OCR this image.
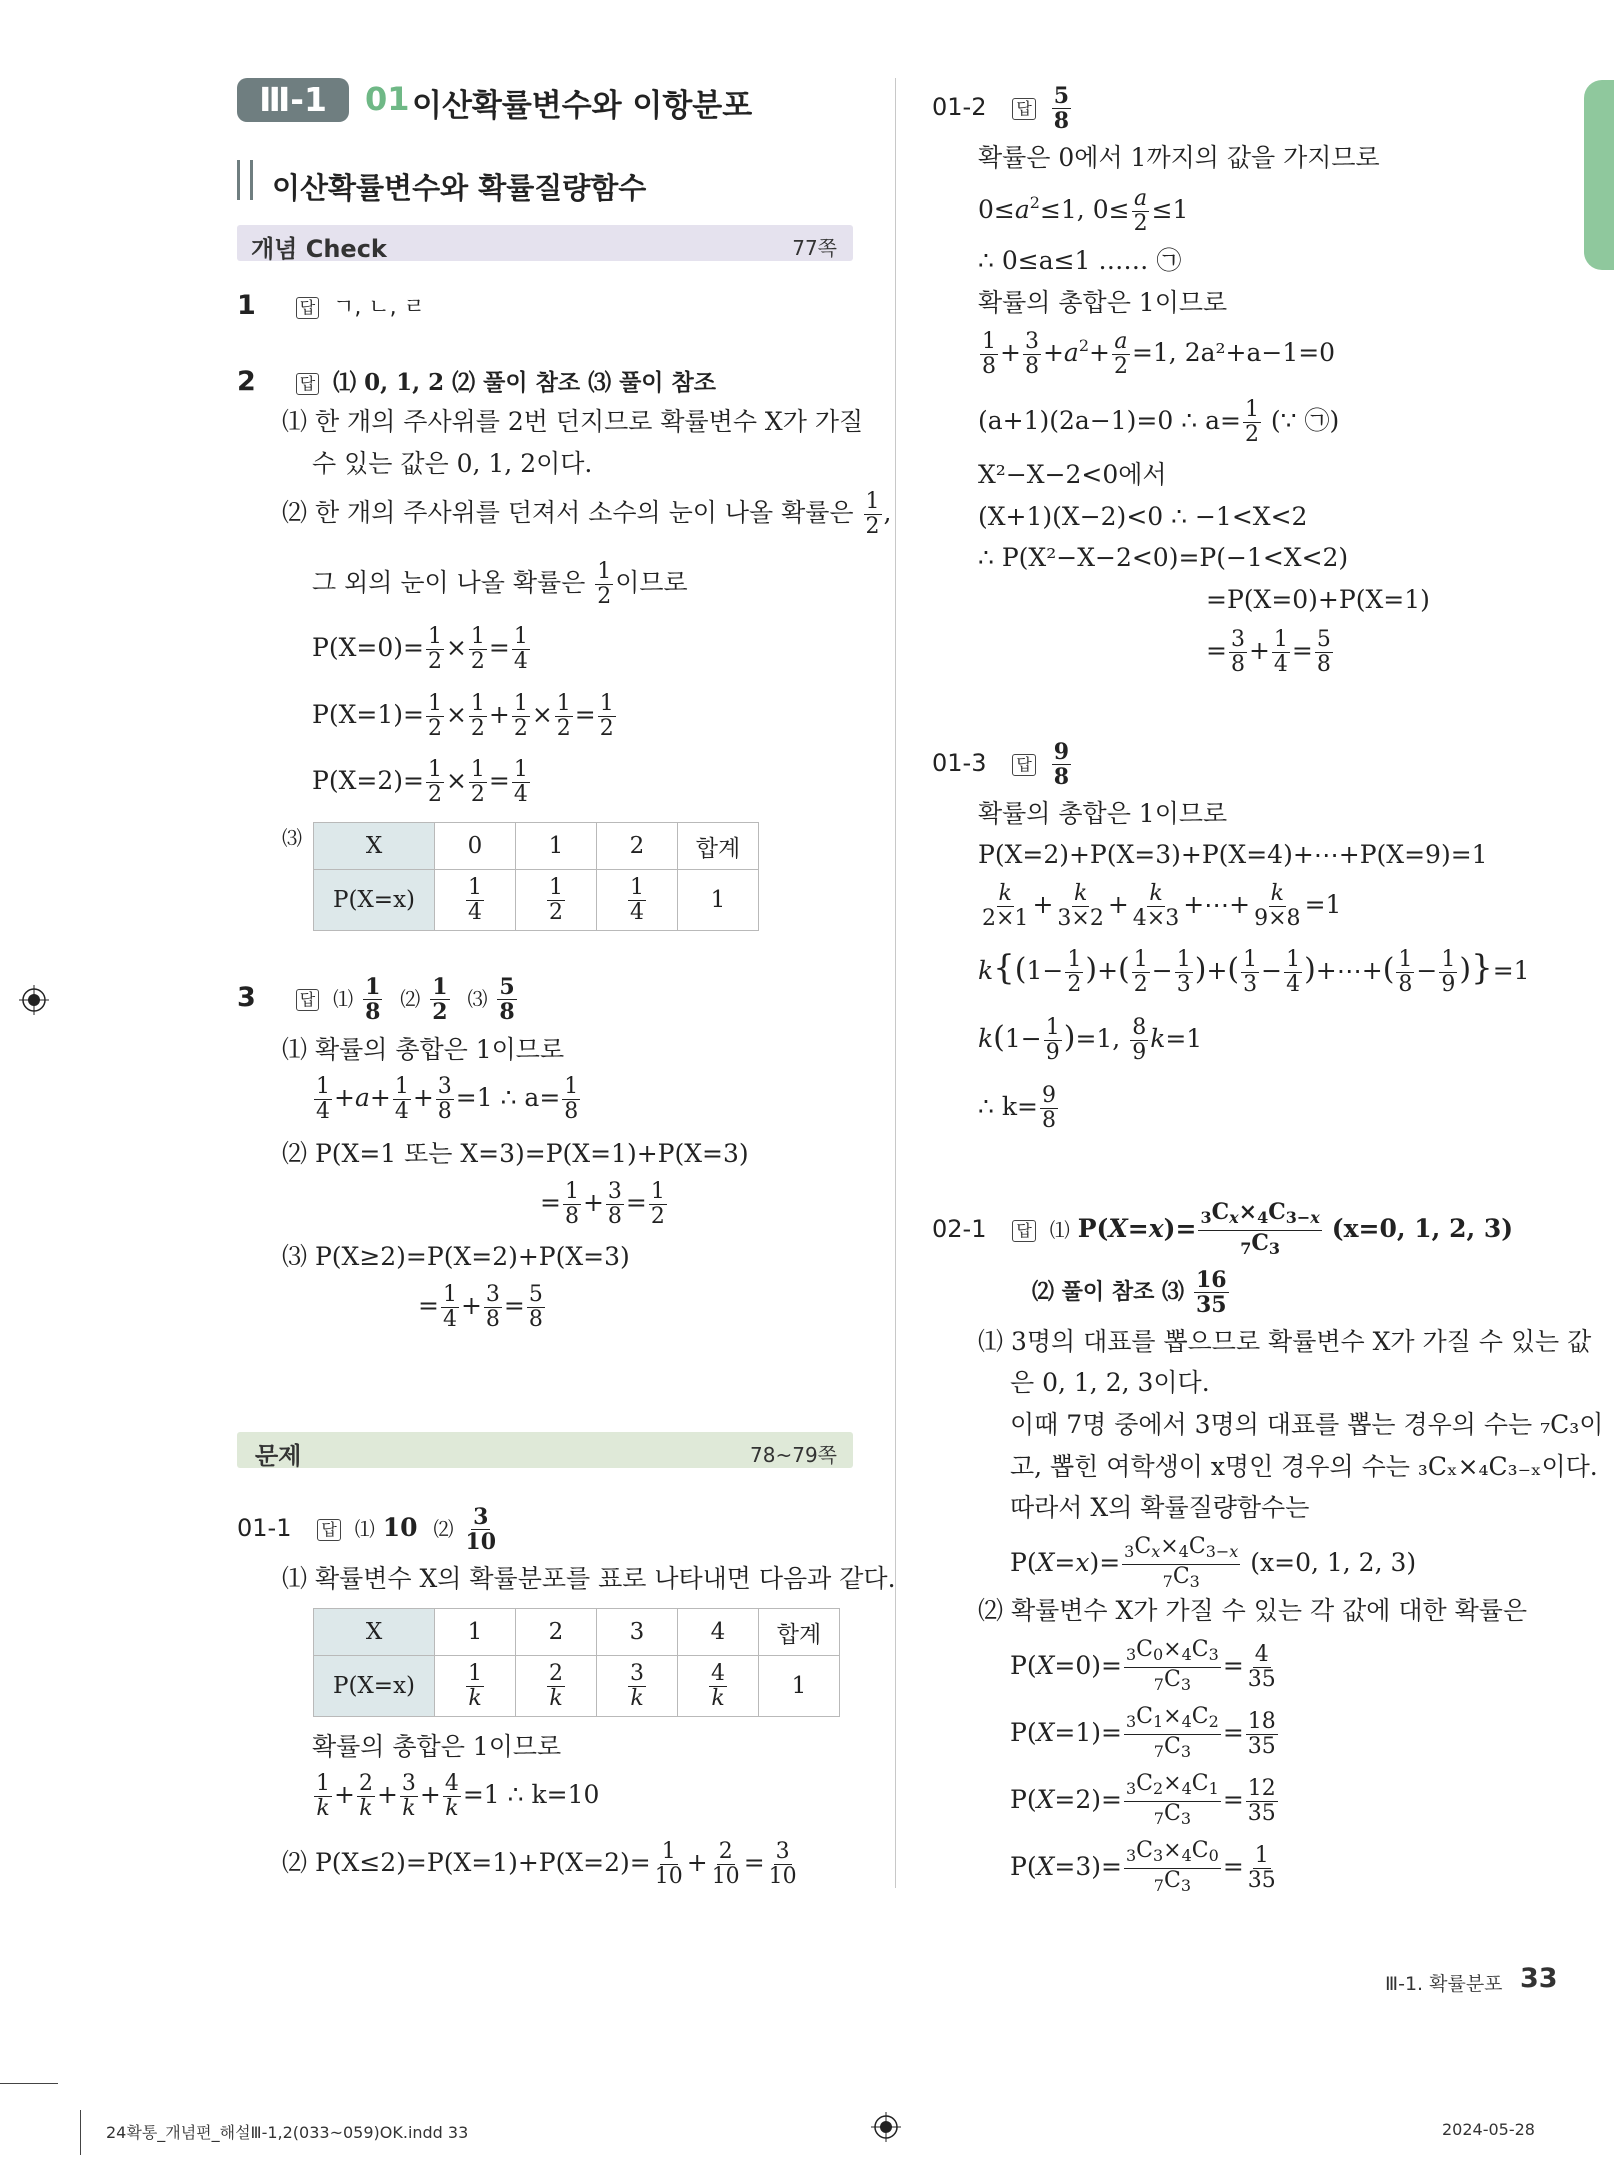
Ⅲ-1	01 이산확률변수와 이항분포
이산확률변수와 확률질량함수
개념 Check	77쪽
1	답 ㄱ, ㄴ, ㄹ
2	답 ⑴ 0, 1, 2 ⑵ 풀이 참조 ⑶ 풀이 참조
⑴ 한 개의 주사위를 2번 던지므로 확률변수 X가 가질
수 있는 값은 0, 1, 2이다.
⑵ 한 개의 주사위를 던져서 소수의 눈이 나올 확률은 $\frac{1}{2}$ ,
그 외의 눈이 나올 확률은 $\frac{1}{2}$ 이므로
$P(X=0)= \frac{1}{2} \times \frac{1}{2} = \frac{1}{4}$
$P(X=1)= \frac{1}{2} \times \frac{1}{2} + \frac{1}{2} \times \frac{1}{2} = \frac{1}{2}$
$P(X=2)= \frac{1}{2} \times \frac{1}{2} = \frac{1}{4}$
⑶	X	0	1	2	합계
P(X=x)	$\frac{1}{4}$	$\frac{1}{2}$	$\frac{1}{4}$	1
3	답 ⑴ $\frac{1}{8}$ ⑵ $\frac{1}{2}$ ⑶ $\frac{5}{8}$
⑴ 확률의 총합은 1이므로
$\frac{1}{4} +a+ \frac{1}{4} + \frac{3}{8} =1$ ∴ $a= \frac{1}{8}$
⑵ P(X=1 또는 X=3)=P(X=1)+P(X=3)
= $\frac{1}{8} + \frac{3}{8} = \frac{1}{2}$
⑶ P(X≥2)=P(X=2)+P(X=3)
= $\frac{1}{4} + \frac{3}{8} = \frac{5}{8}$
문제	78~79쪽
01-1 답 ⑴ 10 ⑵ $\frac{3}{10}$
⑴ 확률변수 X의 확률분포를 표로 나타내면 다음과 같다.
X	1	2	3	4	합계
P(X=x)	$\frac{1}{k}$	$\frac{2}{k}$	$\frac{3}{k}$	$\frac{4}{k}$	1
확률의 총합은 1이므로
$\frac{1}{k} + \frac{2}{k} + \frac{3}{k} + \frac{4}{k} =1$ ∴ k=10
⑵ $P(X\le 2)=P(X=1)+P(X=2)= \frac{1}{10} + \frac{2}{10} = \frac{3}{10}$
01-2 답 $\frac{5}{8}$
확률은 0에서 1까지의 값을 가지므로
$0\le a^2\le 1$, $0\le \frac{a}{2} \le 1$
∴ 0≤a≤1 …… ㉠
확률의 총합은 1이므로
$\frac{1}{8} + \frac{3}{8} +a^2+ \frac{a}{2} =1$, 2a²+a−1=0
(a+1)(2a−1)=0 ∴ $a= \frac{1}{2}$ (∵ ㉠)
X²−X−2<0에서
(X+1)(X−2)<0 ∴ −1<X<2
∴ P(X²−X−2<0)=P(−1<X<2)
=P(X=0)+P(X=1)
= $\frac{3}{8} + \frac{1}{4} = \frac{5}{8}$
01-3 답 $\frac{9}{8}$
확률의 총합은 1이므로
P(X=2)+P(X=3)+P(X=4)+⋯+P(X=9)=1
$\frac{k}{2\times 1} + \frac{k}{3\times 2} + \frac{k}{4\times 3}$ +⋯+ $\frac{k}{9\times 8} =1$
$k\{(1- \frac{1}{2}$ )+( $\frac{1}{2} - \frac{1}{3}$ )+( $\frac{1}{3} - \frac{1}{4}$ )+⋯+( $\frac{1}{8} - \frac{1}{9} )\}=1$
$k(1- \frac{1}{9} )=1$, $\frac{8}{9} k=1$
∴ $k= \frac{9}{8}$
02-1 답 ⑴ $P(X=x)= \frac{_3C_x\times_4C_{3-x}}{_7C_3} (x=0$, 1, 2, 3)
⑵ 풀이 참조 ⑶ $\frac{16}{35}$
⑴ 3명의 대표를 뽑으므로 확률변수 X가 가질 수 있는 값
은 0, 1, 2, 3이다.
이때 7명 중에서 3명의 대표를 뽑는 경우의 수는 ₇C₃이
고, 뽑힌 여학생이 x명인 경우의 수는 ₃Cₓ×₄C₃₋ₓ이다.
따라서 X의 확률질량함수는
$P(X=x)= \frac{_3C_x\times_4C_{3-x}}{_7C_3} (x=0$, 1, 2, 3)
⑵ 확률변수 X가 가질 수 있는 각 값에 대한 확률은
$P(X=0)= \frac{_3C_0\times_4C_3}{_7C_3} = \frac{4}{35}$
$P(X=1)= \frac{_3C_1\times_4C_2}{_7C_3} = \frac{18}{35}$
$P(X=2)= \frac{_3C_2\times_4C_1}{_7C_3} = \frac{12}{35}$
$P(X=3)= \frac{_3C_3\times_4C_0}{_7C_3} = \frac{1}{35}$
Ⅲ-1. 확률분포 33
24확통_개념편_해설Ⅲ-1,2(033~059)OK.indd 33	2024-05-28
